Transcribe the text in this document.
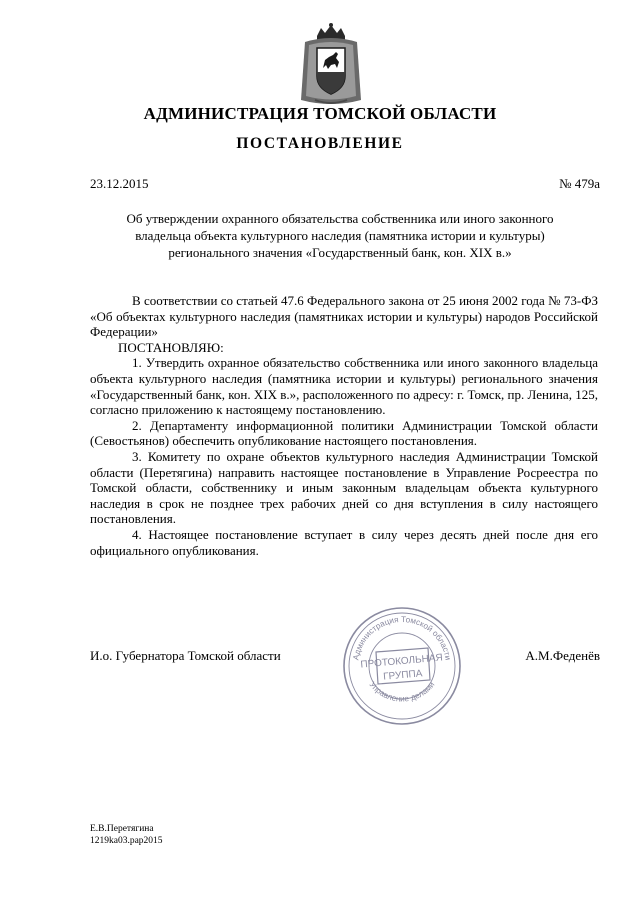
АДМИНИСТРАЦИЯ ТОМСКОЙ ОБЛАСТИ
ПОСТАНОВЛЕНИЕ
23.12.2015	№ 479а
Об утверждении охранного обязательства собственника или иного законного
владельца объекта культурного наследия (памятника истории и культуры)
регионального значения «Государственный банк, кон. XIX в.»

В соответствии со статьей 47.6 Федерального закона от 25 июня 2002 года № 73-ФЗ «Об объектах культурного наследия (памятниках истории и культуры) народов Российской Федерации»

ПОСТАНОВЛЯЮ:

1. Утвердить охранное обязательство собственника или иного законного владельца объекта культурного наследия (памятника истории и культуры) регионального значения «Государственный банк, кон. XIX в.», расположенного по адресу: г. Томск, пр. Ленина, 125, согласно приложению к настоящему постановлению.

2. Департаменту информационной политики Администрации Томской области (Севостьянов) обеспечить опубликование настоящего постановления.

3. Комитету по охране объектов культурного наследия Администрации Томской области (Перетягина) направить настоящее постановление в Управление Росреестра по Томской области, собственнику и иным законным владельцам объекта культурного наследия в срок не позднее трех рабочих дней со дня вступления в силу настоящего постановления.

4. Настоящее постановление вступает в силу через десять дней после дня его официального опубликования.

И.о. Губернатора Томской области	А.М.Феденёв
Администрация Томской области
Управление делами
ПРОТОКОЛЬНАЯ
ГРУППА
Е.В.Перетягина
1219ka03.pap2015
